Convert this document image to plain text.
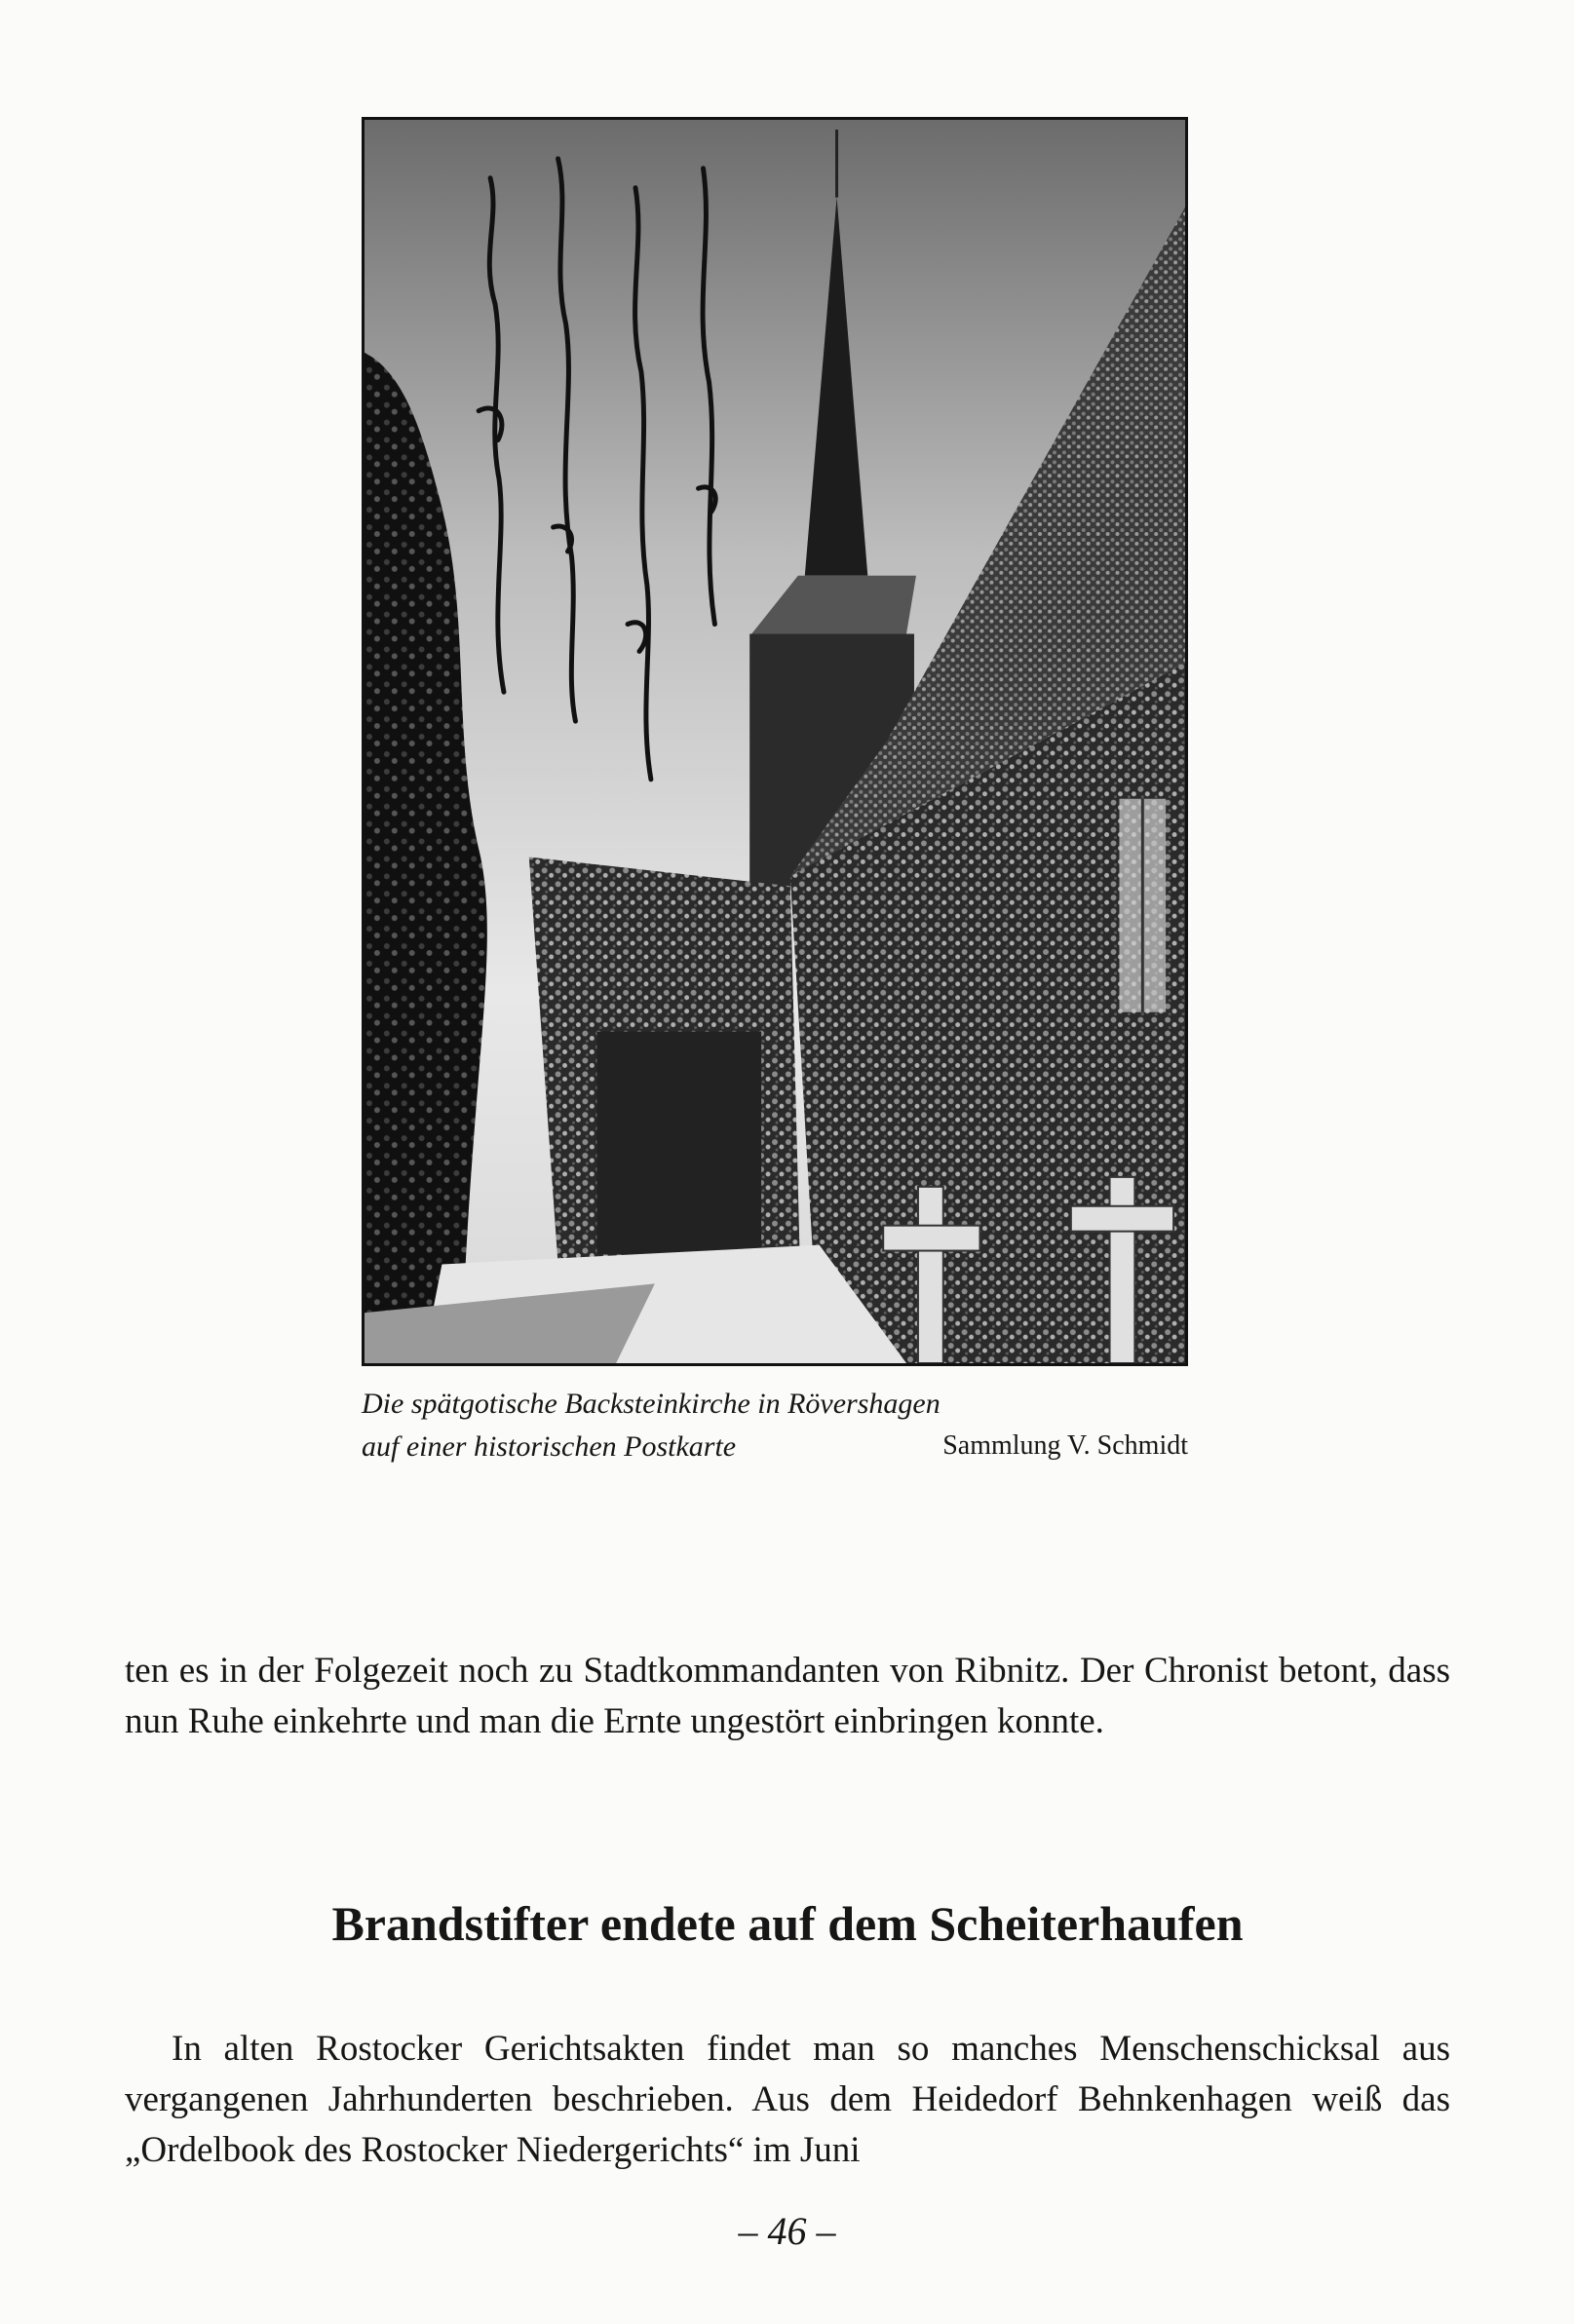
Die spätgotische Backsteinkirche in Rövershagen
auf einer historischen Postkarte	Sammlung V. Schmidt

ten es in der Folgezeit noch zu Stadtkommandanten von Ribnitz. Der Chronist betont, dass nun Ruhe einkehrte und man die Ernte ungestört einbringen konnte.

Brandstifter endete auf dem Scheiterhaufen

In alten Rostocker Gerichtsakten findet man so manches Menschenschicksal aus vergangenen Jahrhunderten beschrieben. Aus dem Heidedorf Behnkenhagen weiß das „Ordelbook des Rostocker Niedergerichts“ im Juni

– 46 –
